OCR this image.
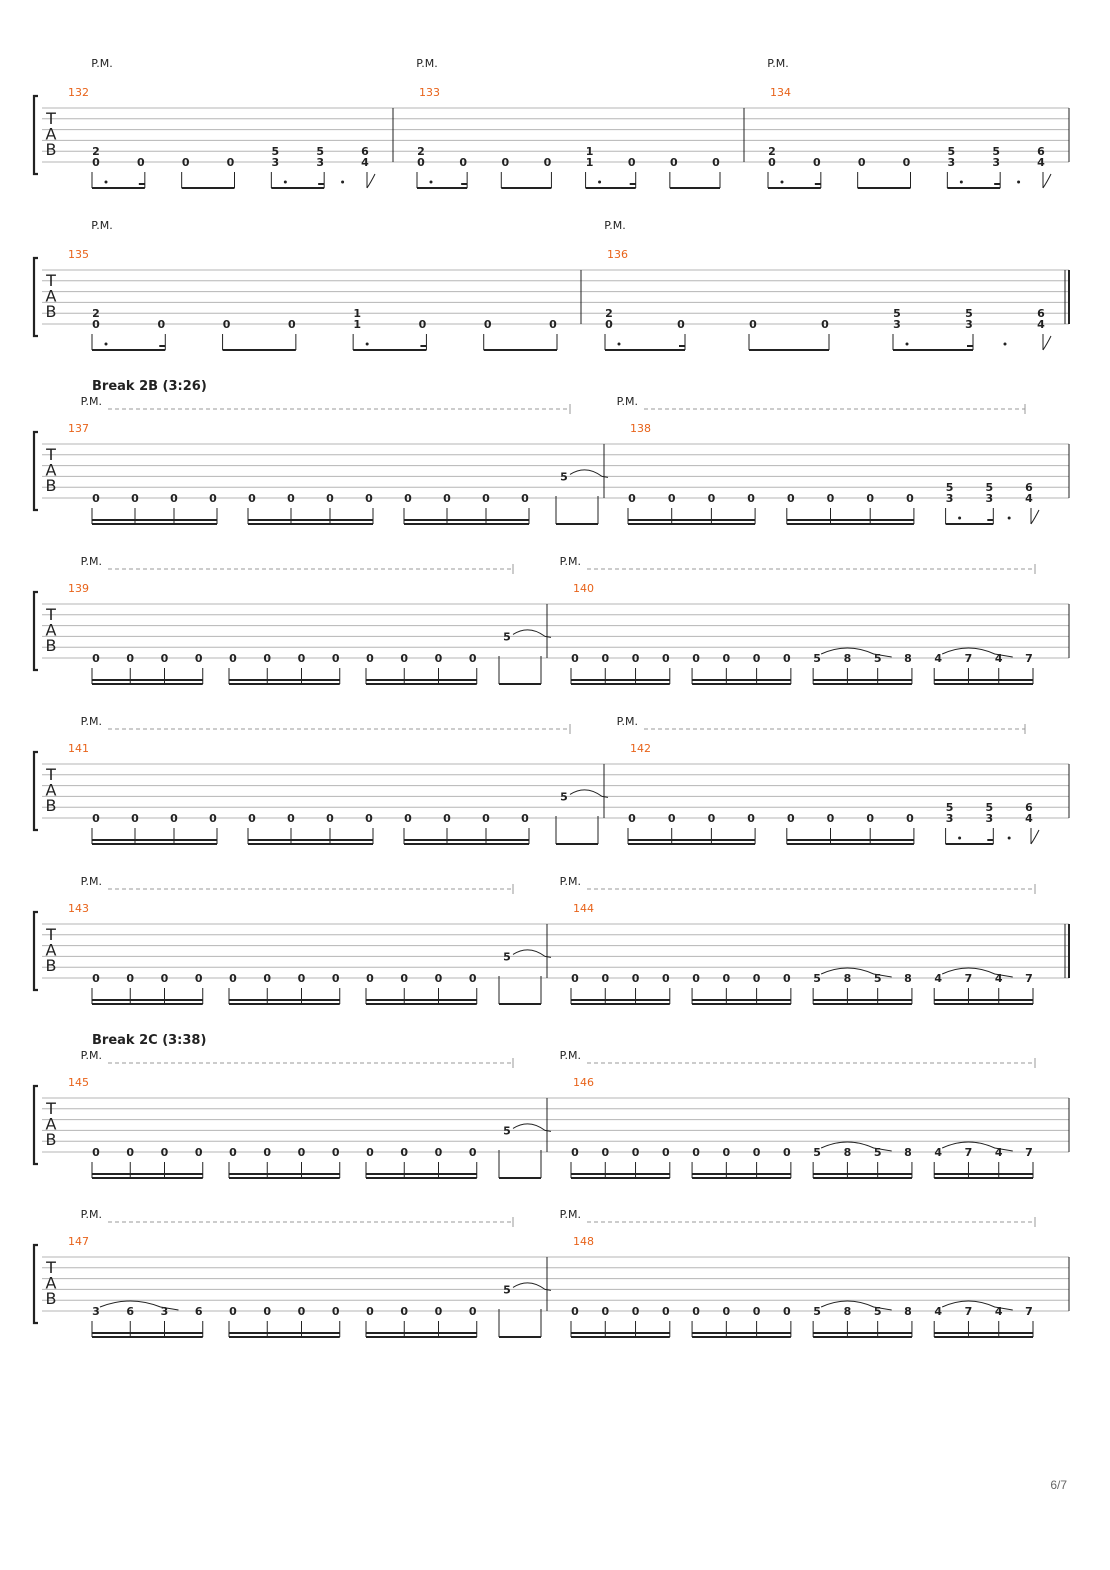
T
A
B
132
P.M.
2
0	0	0	0
5
3
5
3
6
4
133
P.M.
2
0	0	0	0
1
1	0	0	0
134
P.M.
2
0	0	0	0
5
3
5
3
6
4
T
A
B
135
P.M.
2
0	0	0	0
1
1	0	0	0
136
P.M.
2
0	0	0	0
5
3
5
3
6
4
T
A
B
Break 2B (3:26)
137
P.M.
0	0	0	0	0	0	0	0	0	0	0	0
5
138
P.M.
0	0	0	0	0	0	0	0
5
3
5
3
6
4
T
A
B
139
P.M.
0 0 0 0 0 0 0 0 0 0 0 0
5
140
P.M.
0 0 0 0 0 0 0 0 5 8 5 8 4 7 4 7
T
A
B
141
P.M.
0	0	0	0	0	0	0	0	0	0	0	0
5
142
P.M.
0	0	0	0	0	0	0	0
5
3
5
3
6
4
T
A
B
143
P.M.
0 0 0 0 0 0 0 0 0 0 0 0
5
144
P.M.
0 0 0 0 0 0 0 0 5 8 5 8 4 7 4 7
T
A
B
Break 2C (3:38)
145
P.M.
0 0 0 0 0 0 0 0 0 0 0 0
5
146
P.M.
0 0 0 0 0 0 0 0 5 8 5 8 4 7 4 7
T
A
B
147
P.M.
3 6 3 6 0 0 0 0 0 0 0 0
5
148
P.M.
0 0 0 0 0 0 0 0 5 8 5 8 4 7 4 7
6/7
